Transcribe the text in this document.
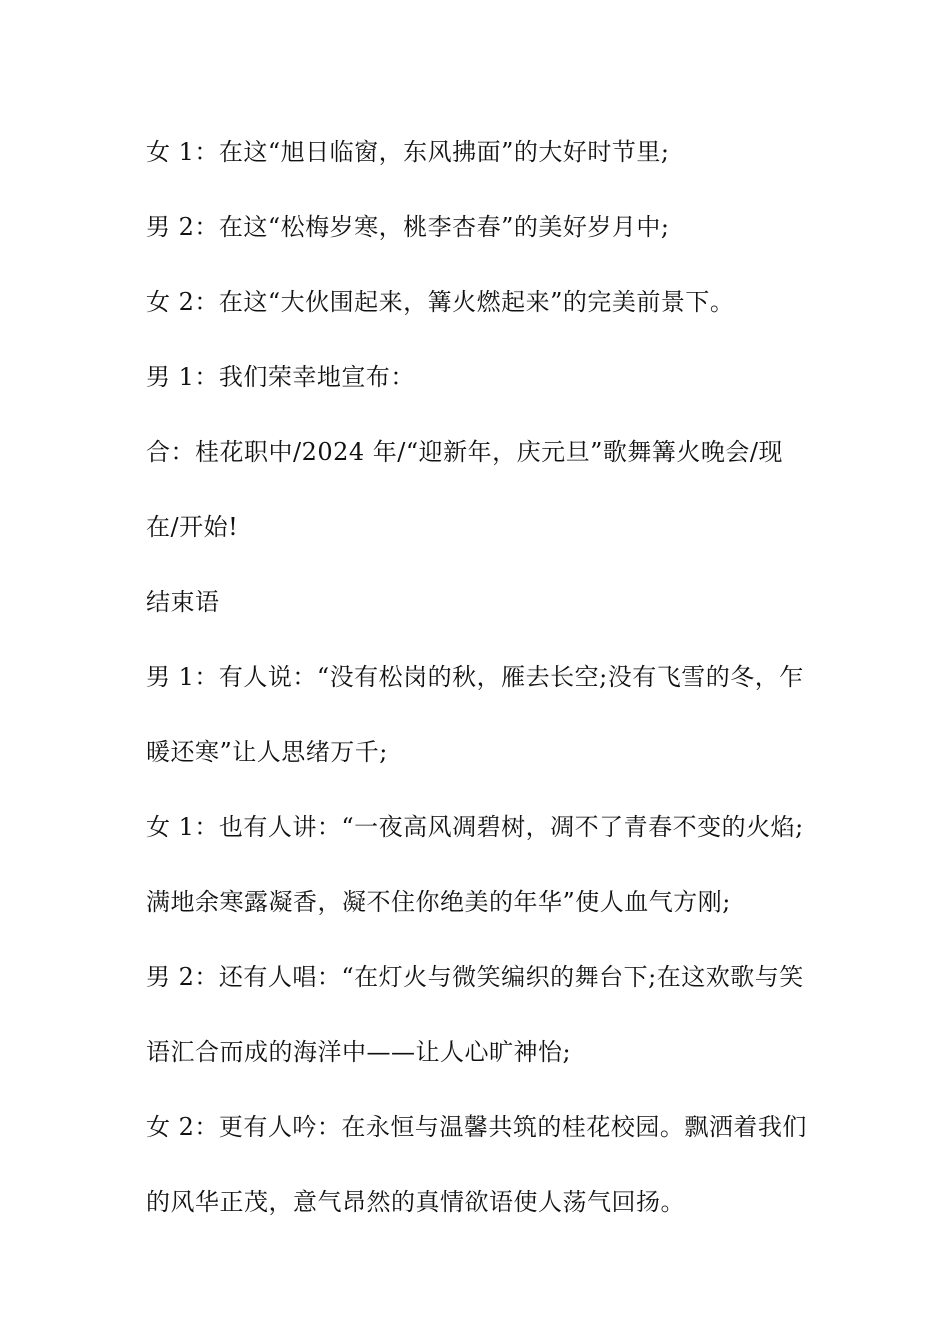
女 1：在这“旭日临窗，东风拂面”的大好时节里;

男 2：在这“松梅岁寒，桃李杏春”的美好岁月中;

女 2：在这“大伙围起来，篝火燃起来”的完美前景下。

男 1：我们荣幸地宣布：

合：桂花职中/2024 年/“迎新年，庆元旦”歌舞篝火晚会/现

在/开始!

结束语

男 1：有人说：“没有松岗的秋，雁去长空;没有飞雪的冬，乍

暖还寒”让人思绪万千;

女 1：也有人讲：“一夜高风凋碧树，凋不了青春不变的火焰;

满地余寒露凝香，凝不住你绝美的年华”使人血气方刚;

男 2：还有人唱：“在灯火与微笑编织的舞台下;在这欢歌与笑

语汇合而成的海洋中——让人心旷神怡;

女 2：更有人吟：在永恒与温馨共筑的桂花校园。飘洒着我们

的风华正茂，意气昂然的真情欲语使人荡气回扬。
